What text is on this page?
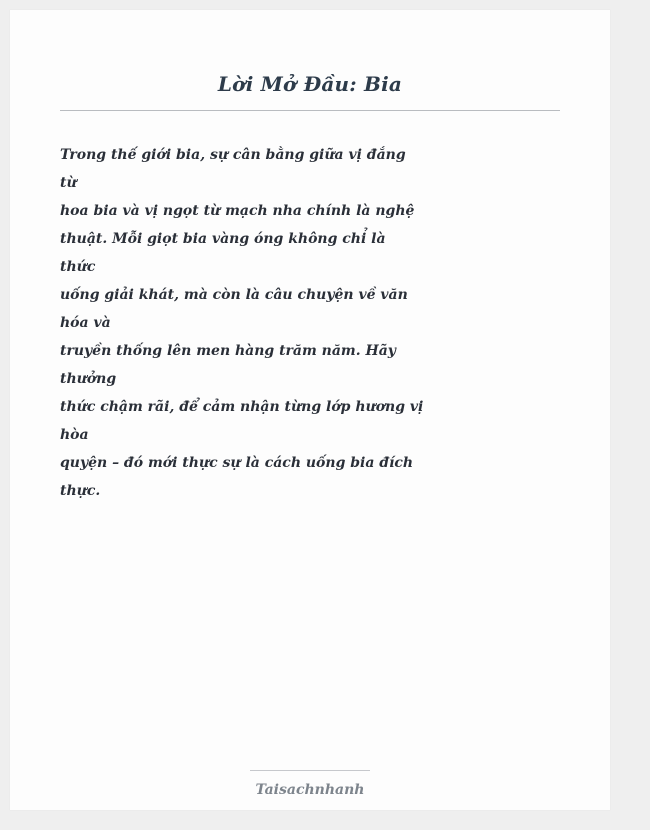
Lời Mở Đầu: Bia
Trong thế giới bia, sự cân bằng giữa vị đắng
từ
hoa bia và vị ngọt từ mạch nha chính là nghệ
thuật. Mỗi giọt bia vàng óng không chỉ là
thức
uống giải khát, mà còn là câu chuyện về văn
hóa và
truyền thống lên men hàng trăm năm. Hãy
thưởng
thức chậm rãi, để cảm nhận từng lớp hương vị
hòa
quyện – đó mới thực sự là cách uống bia đích
thực.
Taisachnhanh
